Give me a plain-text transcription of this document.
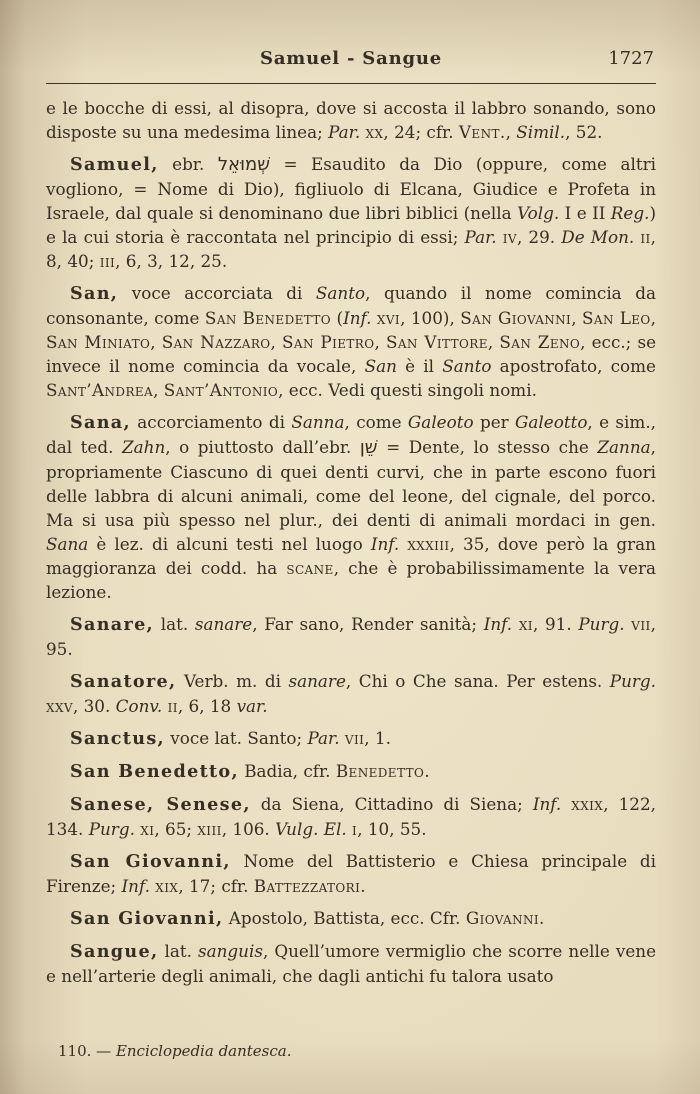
Samuel - Sangue	1727

e le bocche di essi, al disopra, dove si accosta il labbro sonando, sono disposte su una medesima linea; Par. xx, 24; cfr. Vent., Simil., 52.

Samuel, ebr. שְׁמוּאֵל = Esaudito da Dio (oppure, come altri vogliono, = Nome di Dio), figliuolo di Elcana, Giudice e Profeta in Israele, dal quale si denominano due libri biblici (nella Volg. I e II Reg.) e la cui storia è raccontata nel principio di essi; Par. iv, 29. De Mon. ii, 8, 40; iii, 6, 3, 12, 25.

San, voce accorciata di Santo, quando il nome comincia da consonante, come San Benedetto (Inf. xvi, 100), San Giovanni, San Leo, San Miniato, San Nazzaro, San Pietro, San Vittore, San Zeno, ecc.; se invece il nome comincia da vocale, San è il Santo apostrofato, come Sant’Andrea, Sant’Antonio, ecc. Vedi questi singoli nomi.

Sana, accorciamento di Sanna, come Galeoto per Galeotto, e sim., dal ted. Zahn, o piuttosto dall’ebr. שֵׁן = Dente, lo stesso che Zanna, propriamente Ciascuno di quei denti curvi, che in parte escono fuori delle labbra di alcuni animali, come del leone, del cignale, del porco. Ma si usa più spesso nel plur., dei denti di animali mordaci in gen. Sana è lez. di alcuni testi nel luogo Inf. xxxiii, 35, dove però la gran maggioranza dei codd. ha scane, che è probabilissimamente la vera lezione.

Sanare, lat. sanare, Far sano, Render sanità; Inf. xi, 91. Purg. vii, 95.

Sanatore, Verb. m. di sanare, Chi o Che sana. Per estens. Purg. xxv, 30. Conv. ii, 6, 18 var.

Sanctus, voce lat. Santo; Par. vii, 1.

San Benedetto, Badia, cfr. Benedetto.

Sanese, Senese, da Siena, Cittadino di Siena; Inf. xxix, 122, 134. Purg. xi, 65; xiii, 106. Vulg. El. i, 10, 55.

San Giovanni, Nome del Battisterio e Chiesa principale di Firenze; Inf. xix, 17; cfr. Battezzatori.

San Giovanni, Apostolo, Battista, ecc. Cfr. Giovanni.

Sangue, lat. sanguis, Quell’umore vermiglio che scorre nelle vene e nell’arterie degli animali, che dagli antichi fu talora usato

110. — Enciclopedia dantesca.
